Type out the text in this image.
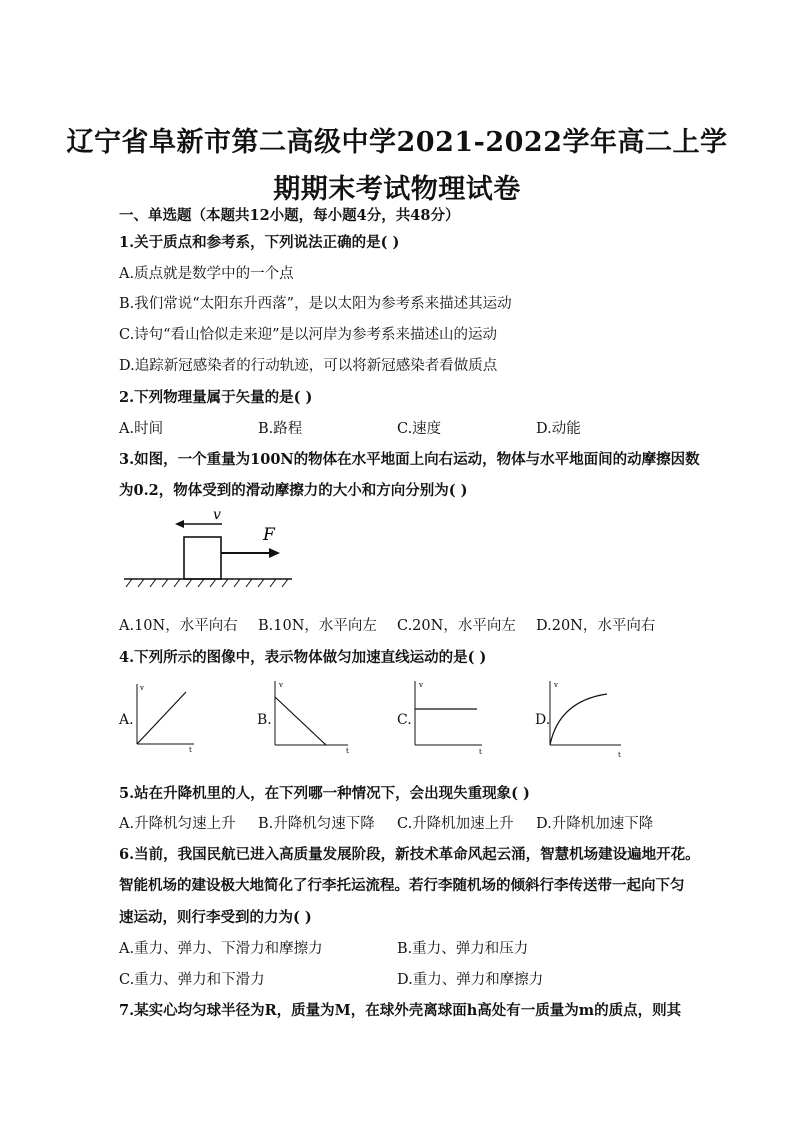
辽宁省阜新市第二高级中学2021-2022学年高二上学
期期末考试物理试卷
一、单选题（本题共12小题，每小题4分，共48分）
1.关于质点和参考系，下列说法正确的是( )
A.质点就是数学中的一个点
B.我们常说“太阳东升西落”，是以太阳为参考系来描述其运动
C.诗句“看山恰似走来迎”是以河岸为参考系来描述山的运动
D.追踪新冠感染者的行动轨迹，可以将新冠感染者看做质点
2.下列物理量属于矢量的是( )
A.时间	B.路程	C.速度	D.动能
3.如图，一个重量为100N的物体在水平地面上向右运动，物体与水平地面间的动摩擦因数
为0.2，物体受到的滑动摩擦力的大小和方向分别为( )
v
F
A.10N，水平向右 B.10N，水平向左 C.20N，水平向左 D.20N，水平向右
4.下列所示的图像中，表示物体做匀加速直线运动的是( )
A.
v
t
B.
v
t
C.
v
t
D.
v
t
5.站在升降机里的人，在下列哪一种情况下，会出现失重现象( )
A.升降机匀速上升 B.升降机匀速下降 C.升降机加速上升 D.升降机加速下降
6.当前，我国民航已进入高质量发展阶段，新技术革命风起云涌，智慧机场建设遍地开花。
智能机场的建设极大地简化了行李托运流程。若行李随机场的倾斜行李传送带一起向下匀
速运动，则行李受到的力为( )
A.重力、弹力、下滑力和摩擦力	B.重力、弹力和压力
C.重力、弹力和下滑力	D.重力、弹力和摩擦力
7.某实心均匀球半径为R，质量为M，在球外壳离球面h高处有一质量为m的质点，则其
